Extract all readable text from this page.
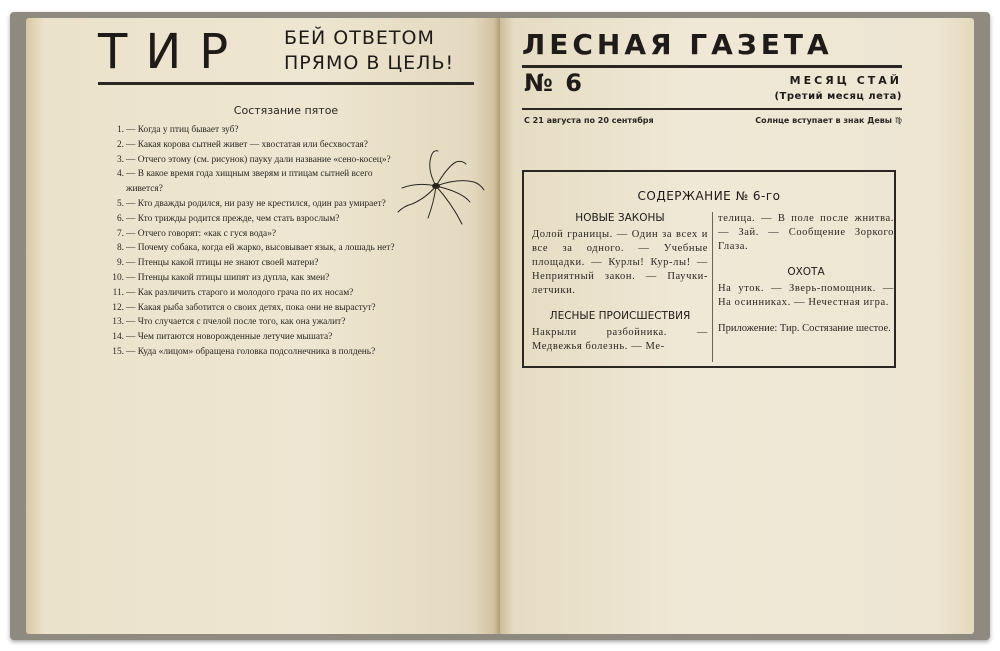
ТИР БЕЙ ОТВЕТОМ
ПРЯМО В ЦЕЛЬ!
Состязание пятое
1. — Когда у птиц бывает зуб?
2. — Какая корова сытней живет — хвостатая или бесхвостая?
3. — Отчего этому (см. рисунок) пауку дали название «сено-косец»?
4. — В какое время года хищным зверям и птицам сытней всего живется?
5. — Кто дважды родился, ни разу не крестился, один раз умирает?
6. — Кто трижды родится прежде, чем стать взрослым?
7. — Отчего говорят: «как с гуся вода»?
8. — Почему собака, когда ей жарко, высовывает язык, а лошадь нет?
9. — Птенцы какой птицы не знают своей матери?
10. — Птенцы какой птицы шипят из дупла, как змеи?
11. — Как различить старого и молодого грача по их носам?
12. — Какая рыба заботится о своих детях, пока они не вырастут?
13. — Что случается с пчелой после того, как она ужалит?
14. — Чем питаются новорожденные летучие мышата?
15. — Куда «лицом» обращена головка подсолнечника в полдень?
ЛЕСНАЯ ГАЗЕТА
№ 6	МЕСЯЦ СТАЙ
(Третий месяц лета)
С 21 августа по 20 сентября	Солнце вступает в знак Девы ♍
СОДЕРЖАНИЕ № 6-го

НОВЫЕ ЗАКОНЫ

Долой границы. — Один за всех и все за одного. — Учебные площадки. — Курлы! Кур-лы! — Неприятный закон. — Паучки-летчики.

ЛЕСНЫЕ ПРОИСШЕСТВИЯ

Накрыли разбойника. — Медвежья болезнь. — Ме-

телица. — В поле после жнитва. — Зай. — Сообщение Зоркого Глаза.

ОХОТА

На уток. — Зверь-помощник. — На осинниках. — Нечестная игра.

Приложение: Тир. Состязание шестое.
